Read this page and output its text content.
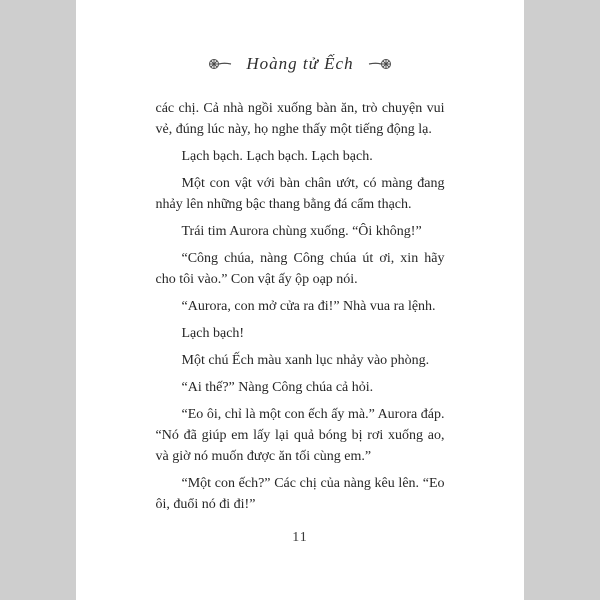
Hoàng tử Ếch

các chị. Cả nhà ngồi xuống bàn ăn, trò chuyện vui vẻ, đúng lúc này, họ nghe thấy một tiếng động lạ.

Lạch bạch. Lạch bạch. Lạch bạch.

Một con vật với bàn chân ướt, có màng đang nhảy lên những bậc thang bằng đá cẩm thạch.

Trái tim Aurora chùng xuống. “Ôi không!”

“Công chúa, nàng Công chúa út ơi, xin hãy cho tôi vào.” Con vật ấy ộp oạp nói.

“Aurora, con mở cửa ra đi!” Nhà vua ra lệnh.

Lạch bạch!

Một chú Ếch màu xanh lục nhảy vào phòng.

“Ai thế?” Nàng Công chúa cả hỏi.

“Eo ôi, chỉ là một con ếch ấy mà.” Aurora đáp. “Nó đã giúp em lấy lại quả bóng bị rơi xuống ao, và giờ nó muốn được ăn tối cùng em.”

“Một con ếch?” Các chị của nàng kêu lên. “Eo ôi, đuổi nó đi đi!”

11
